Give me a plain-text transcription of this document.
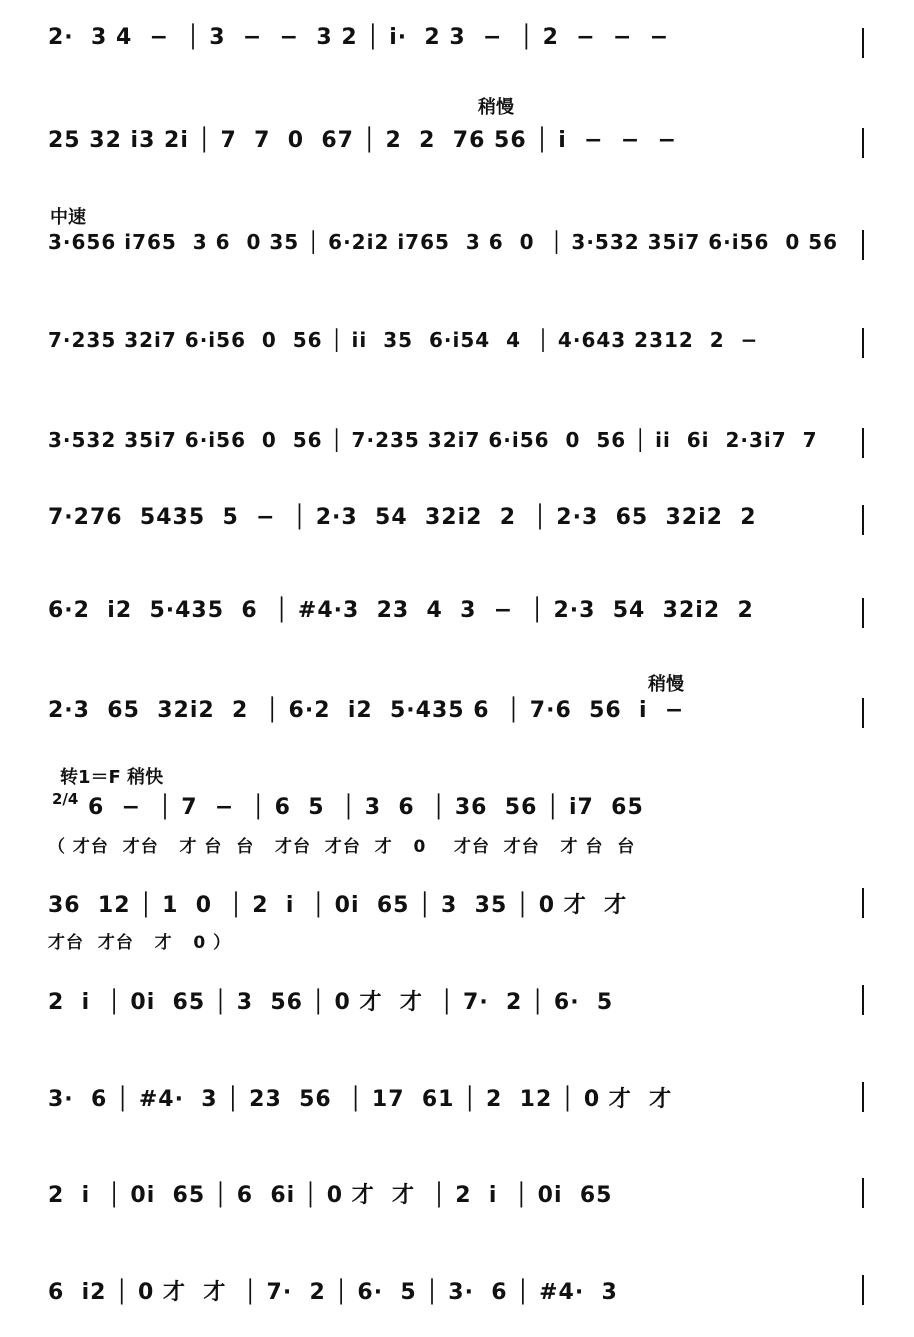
稍慢
中速
稍慢
转1＝F 稍快
2/4
2·  3 4  −  │ 3  −  −  3 2 │ i·  2 3  −  │ 2  −  −  −
25 32 i3 2i │ 7  7  0  67 │ 2  2  76 56 │ i  −  −  −
3·656 i765  3 6  0 35 │ 6·2i2 i765  3 6  0  │ 3·532 35i7 6·i56  0 56
7·235 32i7 6·i56  0  56 │ ii  35  6·i54  4  │ 4·643 2312  2  −
3·532 35i7 6·i56  0  56 │ 7·235 32i7 6·i56  0  56 │ ii  6i  2·3i7  7
7·276  5435  5  −  │ 2·3  54  32i2  2  │ 2·3  65  32i2  2
6·2  i2  5·435  6  │ #4·3  23  4  3  −  │ 2·3  54  32i2  2
2·3  65  32i2  2  │ 6·2  i2  5·435 6  │ 7·6  56  i  −
6  −  │ 7  −  │ 6  5  │ 3  6  │ 36  56 │ i7  65
（ 才台  才台   才 台  台   才台  才台  才   0    才台  才台   才 台  台
36  12 │ 1  0  │ 2  i  │ 0i  65 │ 3  35 │ 0 才  才
才台  才台   才   0 ）
2  i  │ 0i  65 │ 3  56 │ 0 才  才  │ 7·  2 │ 6·  5
3·  6 │ #4·  3 │ 23  56  │ 17  61 │ 2  12 │ 0 才  才
2  i  │ 0i  65 │ 6  6i │ 0 才  才  │ 2  i  │ 0i  65
6  i2 │ 0 才  才  │ 7·  2 │ 6·  5 │ 3·  6 │ #4·  3
